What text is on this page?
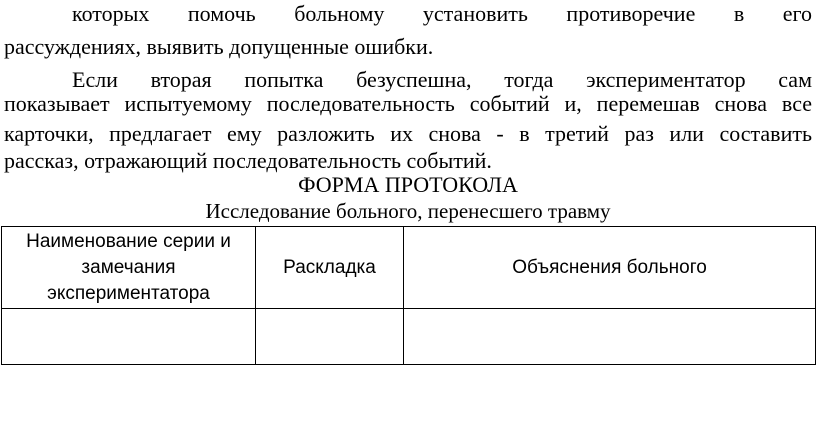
которых помочь больному установить противоречие в его
рассуждениях, выявить допущенные ошибки.
Если вторая попытка безуспешна, тогда экспериментатор сам
показывает испытуемому последовательность событий и, перемешав снова все
карточки, предлагает ему разложить их снова - в третий раз или составить
рассказ, отражающий последовательность событий.
ФОРМА ПРОТОКОЛА
Исследование больного, перенесшего травму
Наименование серии и замечания экспериментатора	Раскладка	Объяснения больного
